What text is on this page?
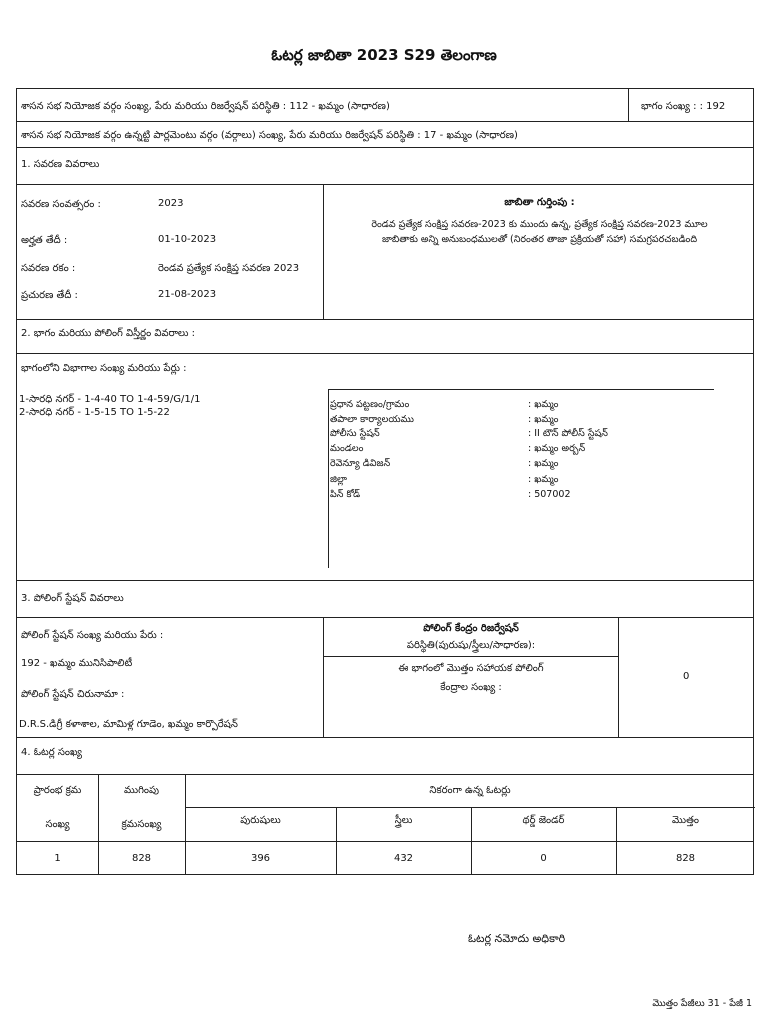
ఓటర్ల జాబితా 2023 S29 తెలంగాణ
శాసన సభ నియోజక వర్గం సంఖ్య, పేరు మరియు రిజర్వేషన్ పరిస్థితి : 112 - ఖమ్మం (సాధారణ)	భాగం సంఖ్య : : 192
శాసన సభ నియోజక వర్గం ఉన్నట్టి పార్లమెంటు వర్గం (వర్గాలు) సంఖ్య, పేరు మరియు రిజర్వేషన్ పరిస్థితి : 17 - ఖమ్మం (సాధారణ)
1. సవరణ వివరాలు
సవరణ సంవత్సరం :	2023
అర్హత తేదీ :	01-10-2023
సవరణ రకం :	రెండవ ప్రత్యేక సంక్షిప్త సవరణ 2023
ప్రచురణ తేదీ :	21-08-2023
జాబితా గుర్తింపు :
రెండవ ప్రత్యేక సంక్షిప్త సవరణ-2023 కు ముందు ఉన్న, ప్రత్యేక సంక్షిప్త సవరణ-2023 మూల
జాబితాకు అన్ని అనుబంధములతో (నిరంతర తాజా ప్రక్రియతో సహా) సమగ్రపరచబడింది
2. భాగం మరియు పోలింగ్ విస్తీర్ణం వివరాలు :
భాగంలోని విభాగాల సంఖ్య మరియు పేర్లు :
1-సారధి నగర్ - 1-4-40 TO 1-4-59/G/1/1
2-సారధి నగర్ - 1-5-15 TO 1-5-22
ప్రధాన పట్టణం/గ్రామం	: ఖమ్మం
తపాలా కార్యాలయము	: ఖమ్మం
పోలీసు స్టేషన్	: II టౌన్ పోలీస్ స్టేషన్
మండలం	: ఖమ్మం అర్బన్
రెవెన్యూ డివిజన్	: ఖమ్మం
జిల్లా	: ఖమ్మం
పిన్ కోడ్	: 507002
3. పోలింగ్ స్టేషన్ వివరాలు
పోలింగ్ స్టేషన్ సంఖ్య మరియు పేరు :
192 - ఖమ్మం మునిసిపాలిటీ
పోలింగ్ స్టేషన్ చిరునామా :
D.R.S.డిగ్రీ కళాశాల, మామిళ్ల గూడెం, ఖమ్మం కార్పొరేషన్
పోలింగ్ కేంద్రం రిజర్వేషన్
పరిస్థితి(పురుషు/స్త్రీలు/సాధారణ):
ఈ భాగంలో మొత్తం సహాయక పోలింగ్
కేంద్రాల సంఖ్య :
0
4. ఓటర్ల సంఖ్య
ప్రారంభ క్రమ
సంఖ్య
ముగింపు
క్రమసంఖ్య
నికరంగా ఉన్న ఓటర్లు
పురుషులు	స్త్రీలు	థర్డ్ జెండర్	మొత్తం
1	828	396	432	0	828
ఓటర్ల నమోదు అధికారి
మొత్తం పేజీలు 31 - పేజీ 1
